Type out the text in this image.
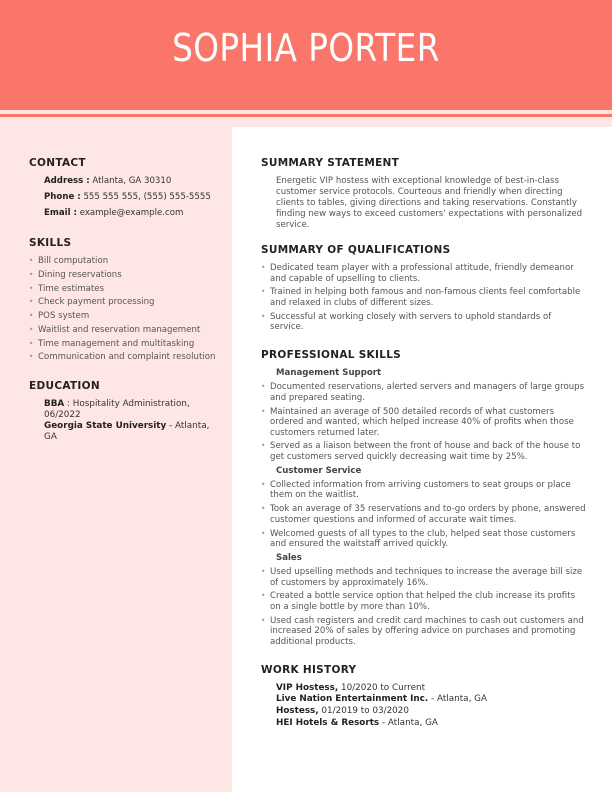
SOPHIA PORTER
CONTACT
Address : Atlanta, GA 30310
Phone : 555 555 555, (555) 555-5555
Email : example@example.com
SKILLS
• Bill computation
• Dining reservations
• Time estimates
• Check payment processing
• POS system
• Waitlist and reservation management
• Time management and multitasking
• Communication and complaint resolution
EDUCATION
BBA : Hospitality Administration, 06/2022
Georgia State University - Atlanta, GA
SUMMARY STATEMENT
Energetic VIP hostess with exceptional knowledge of best-in-class customer service protocols. Courteous and friendly when directing clients to tables, giving directions and taking reservations. Constantly finding new ways to exceed customers' expectations with personalized service.
SUMMARY OF QUALIFICATIONS
• Dedicated team player with a professional attitude, friendly demeanor and capable of upselling to clients.
• Trained in helping both famous and non-famous clients feel comfortable and relaxed in clubs of different sizes.
• Successful at working closely with servers to uphold standards of service.
PROFESSIONAL SKILLS
Management Support
• Documented reservations, alerted servers and managers of large groups and prepared seating.
• Maintained an average of 500 detailed records of what customers ordered and wanted, which helped increase 40% of profits when those customers returned later.
• Served as a liaison between the front of house and back of the house to get customers served quickly decreasing wait time by 25%.
Customer Service
• Collected information from arriving customers to seat groups or place them on the waitlist.
• Took an average of 35 reservations and to-go orders by phone, answered customer questions and informed of accurate wait times.
• Welcomed guests of all types to the club, helped seat those customers and ensured the waitstaff arrived quickly.
Sales
• Used upselling methods and techniques to increase the average bill size of customers by approximately 16%.
• Created a bottle service option that helped the club increase its profits on a single bottle by more than 10%.
• Used cash registers and credit card machines to cash out customers and increased 20% of sales by offering advice on purchases and promoting additional products.
WORK HISTORY
VIP Hostess, 10/2020 to Current
Live Nation Entertainment Inc. - Atlanta, GA
Hostess, 01/2019 to 03/2020
HEI Hotels & Resorts - Atlanta, GA
